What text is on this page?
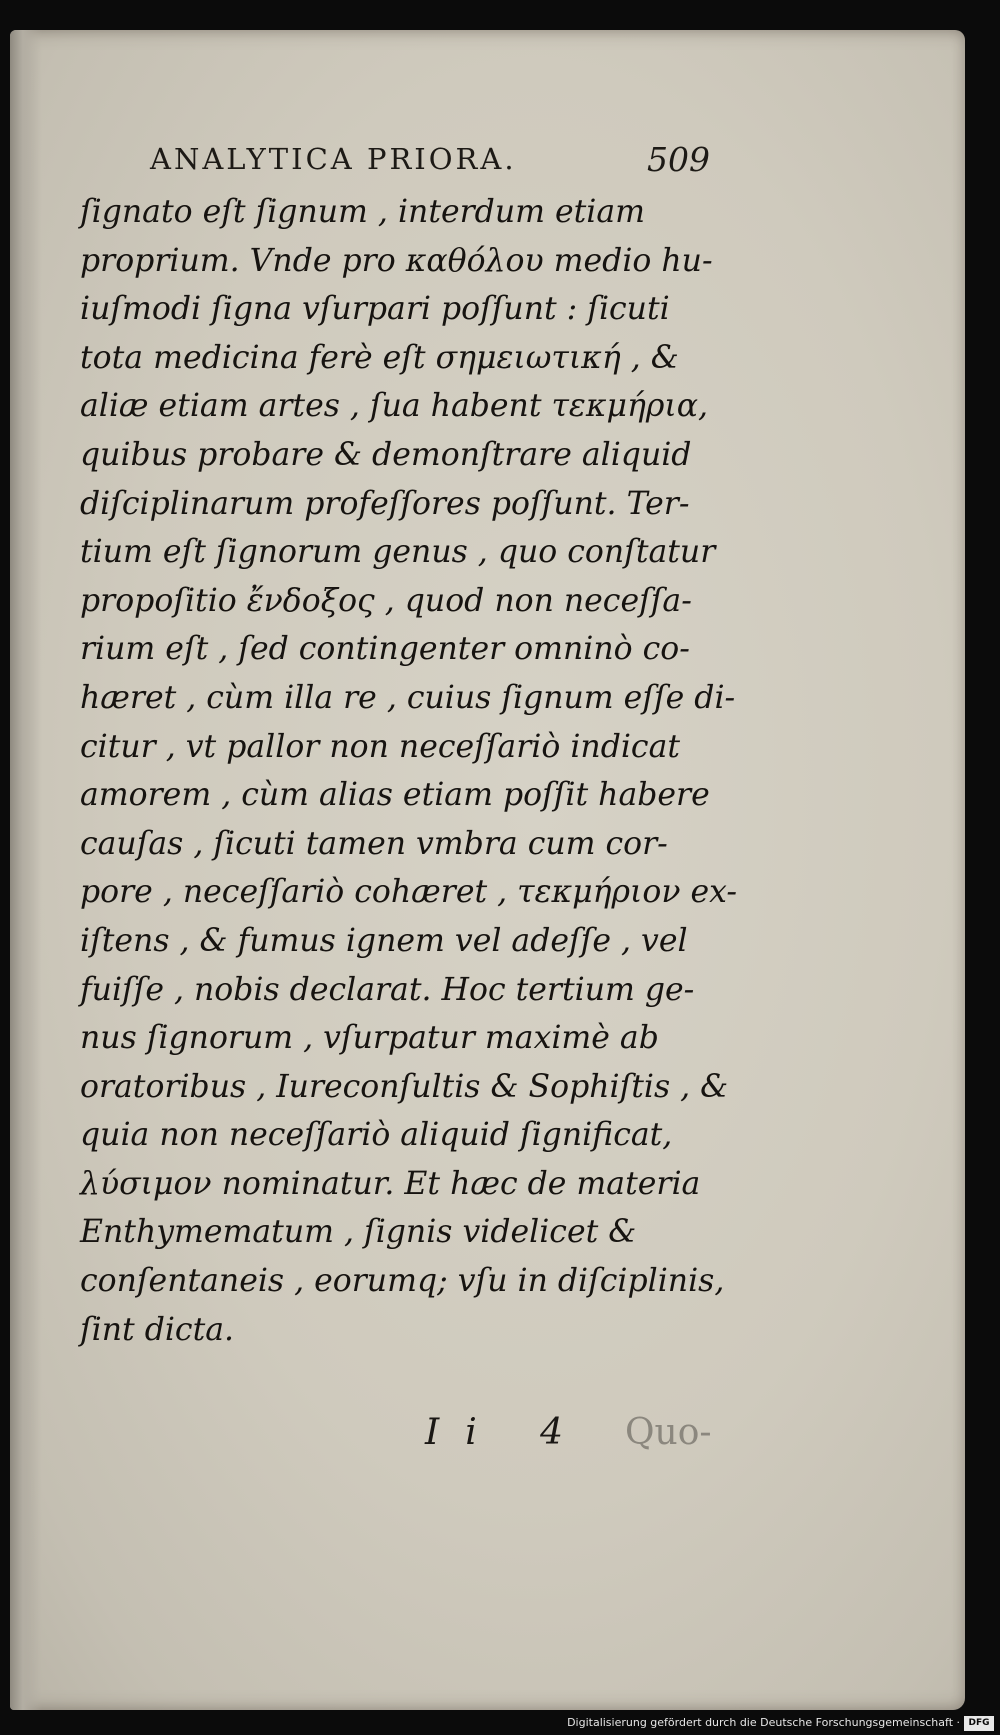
ANALYTICA PRIORA.	509
ſignato eſt ſignum , interdum etiam
proprium. Vnde pro καθόλου medio hu-
iuſmodi ſigna vſurpari poſſunt : ſicuti
tota medicina ferè eſt σημειωτική , &
aliæ etiam artes , ſua habent τεκμήρια,
quibus probare & demonſtrare aliquid
diſciplinarum profeſſores poſſunt. Ter-
tium eſt ſignorum genus , quo conſtatur
propoſitio ἔνδοξος , quod non neceſſa-
rium eſt , ſed contingenter omninò co-
hæret , cùm illa re , cuius ſignum eſſe di-
citur , vt pallor non neceſſariò indicat
amorem , cùm alias etiam poſſit habere
cauſas , ſicuti tamen vmbra cum cor-
pore , neceſſariò cohæret , τεκμήριον ex-
iſtens , & fumus ignem vel adeſſe , vel
fuiſſe , nobis declarat. Hoc tertium ge-
nus ſignorum , vſurpatur maximè ab
oratoribus , Iureconſultis & Sophiſtis , &
quia non neceſſariò aliquid ſignificat,
λύσιμον nominatur. Et hæc de materia
Enthymematum , ſignis videlicet &
conſentaneis , eorumq; vſu in diſciplinis,
ſint dicta.
Ii 4 Quo-
Digitalisierung gefördert durch die Deutsche Forschungsgemeinschaft · DFG
